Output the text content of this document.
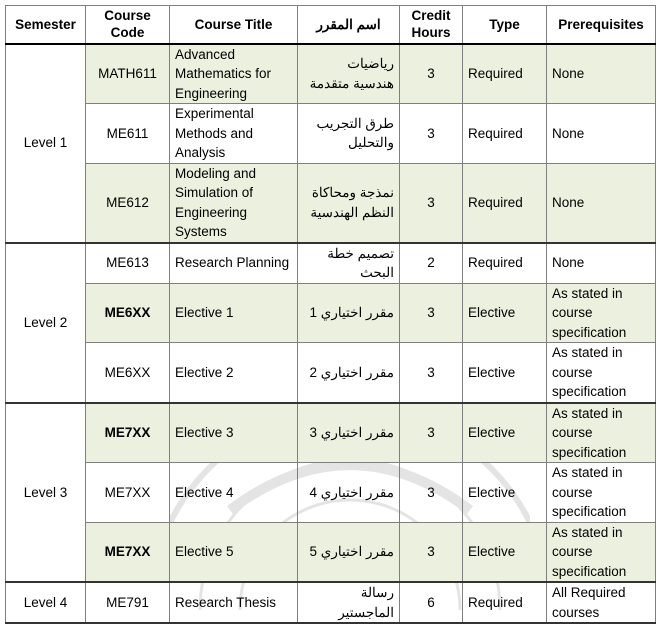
Semester	Course Code	Course Title	اسم المقرر	Credit Hours	Type	Prerequisites
Level 1	MATH611	Advanced Mathematics for Engineering	رياضيات هندسية متقدمة	3	Required	None
	ME611	Experimental Methods and Analysis	طرق التجريب والتحليل	3	Required	None
	ME612	Modeling and Simulation of Engineering Systems	نمذجة ومحاكاة النظم الهندسية	3	Required	None
Level 2	ME613	Research Planning	تصميم خطة البحث	2	Required	None
	ME6XX	Elective 1	مقرر اختياري 1	3	Elective	As stated in course specification
	ME6XX	Elective 2	مقرر اختياري 2	3	Elective	As stated in course specification
Level 3	ME7XX	Elective 3	مقرر اختياري 3	3	Elective	As stated in course specification
	ME7XX	Elective 4	مقرر اختياري 4	3	Elective	As stated in course specification
	ME7XX	Elective 5	مقرر اختياري 5	3	Elective	As stated in course specification
Level 4	ME791	Research Thesis	رسالة الماجستير	6	Required	All Required courses
